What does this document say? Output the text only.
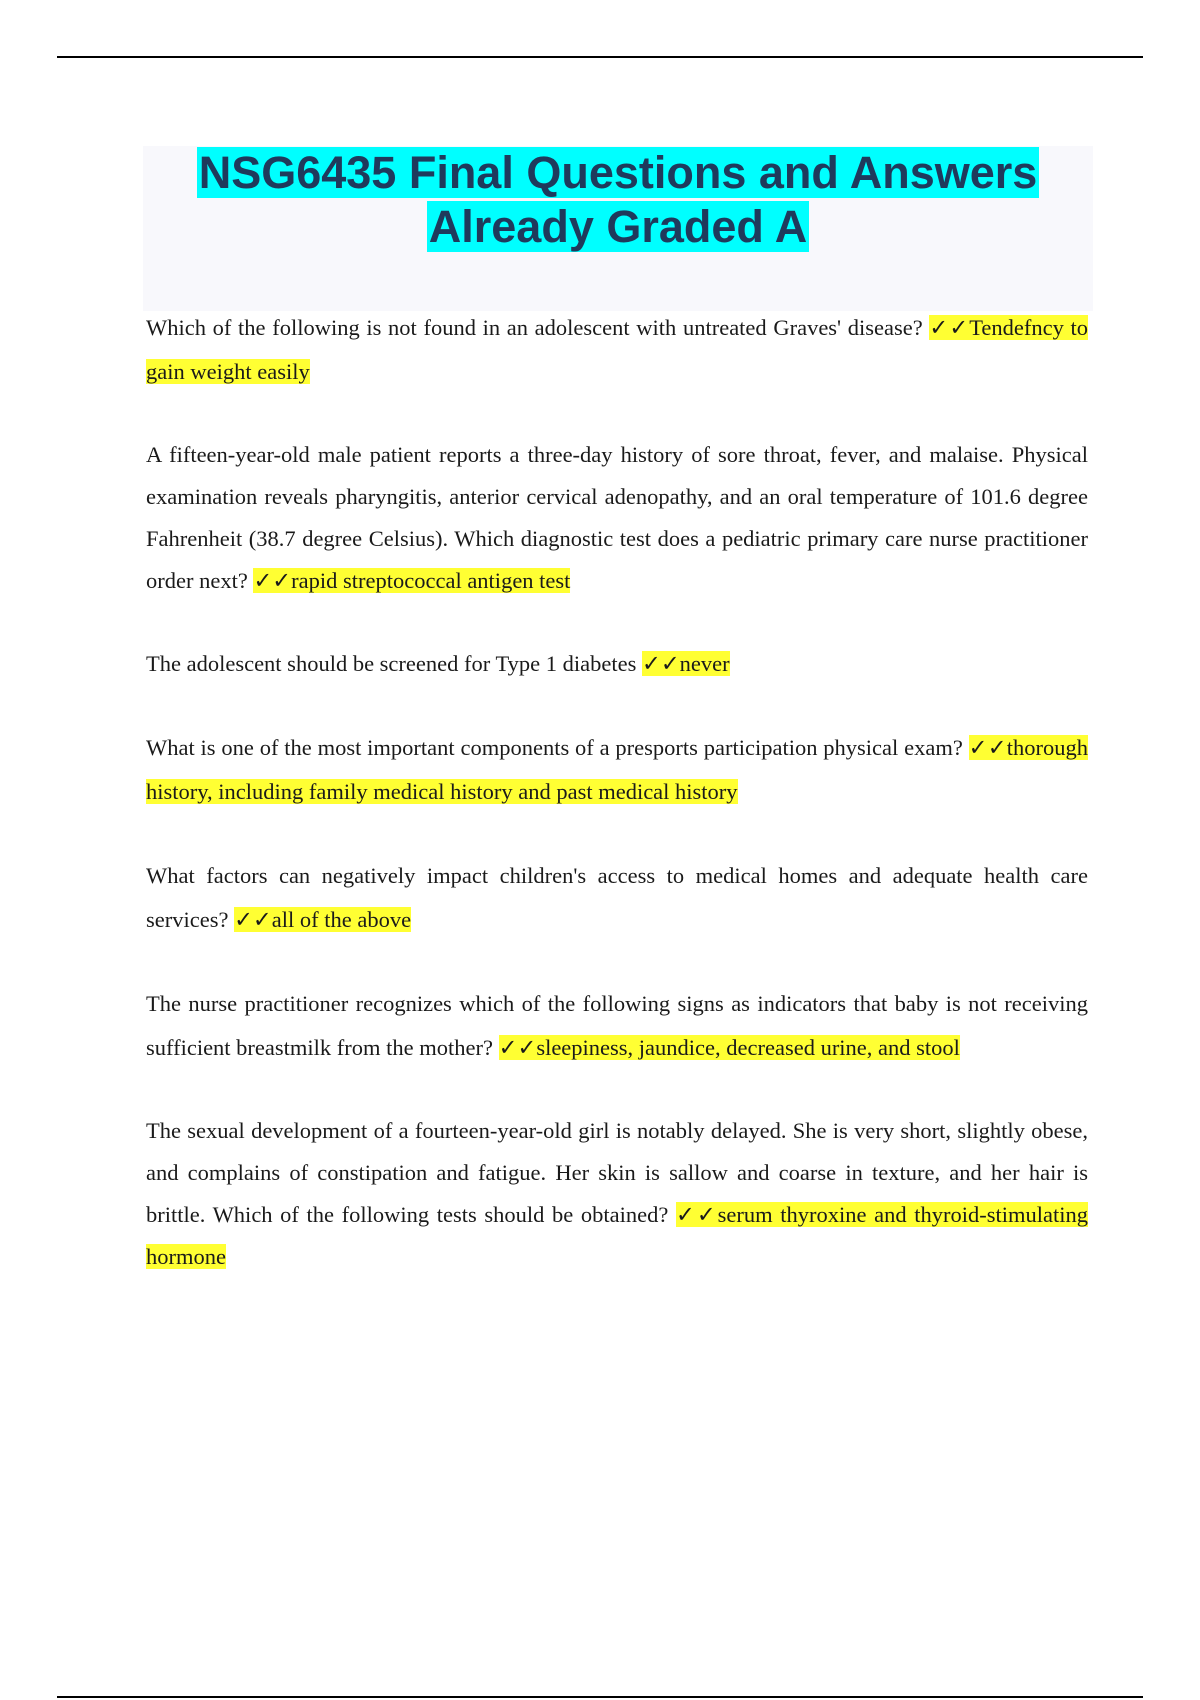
NSG6435 Final Questions and Answers
Already Graded A
Which of the following is not found in an adolescent with untreated Graves' disease? ✓✓Tendefncy to gain weight easily
A fifteen-year-old male patient reports a three-day history of sore throat, fever, and malaise. Physical examination reveals pharyngitis, anterior cervical adenopathy, and an oral temperature of 101.6 degree Fahrenheit (38.7 degree Celsius). Which diagnostic test does a pediatric primary care nurse practitioner order next? ✓✓rapid streptococcal antigen test
The adolescent should be screened for Type 1 diabetes ✓✓never
What is one of the most important components of a presports participation physical exam? ✓✓thorough history, including family medical history and past medical history
What factors can negatively impact children's access to medical homes and adequate health care services? ✓✓all of the above
The nurse practitioner recognizes which of the following signs as indicators that baby is not receiving sufficient breastmilk from the mother? ✓✓sleepiness, jaundice, decreased urine, and stool
The sexual development of a fourteen-year-old girl is notably delayed. She is very short, slightly obese, and complains of constipation and fatigue. Her skin is sallow and coarse in texture, and her hair is brittle. Which of the following tests should be obtained? ✓✓serum thyroxine and thyroid-stimulating hormone
